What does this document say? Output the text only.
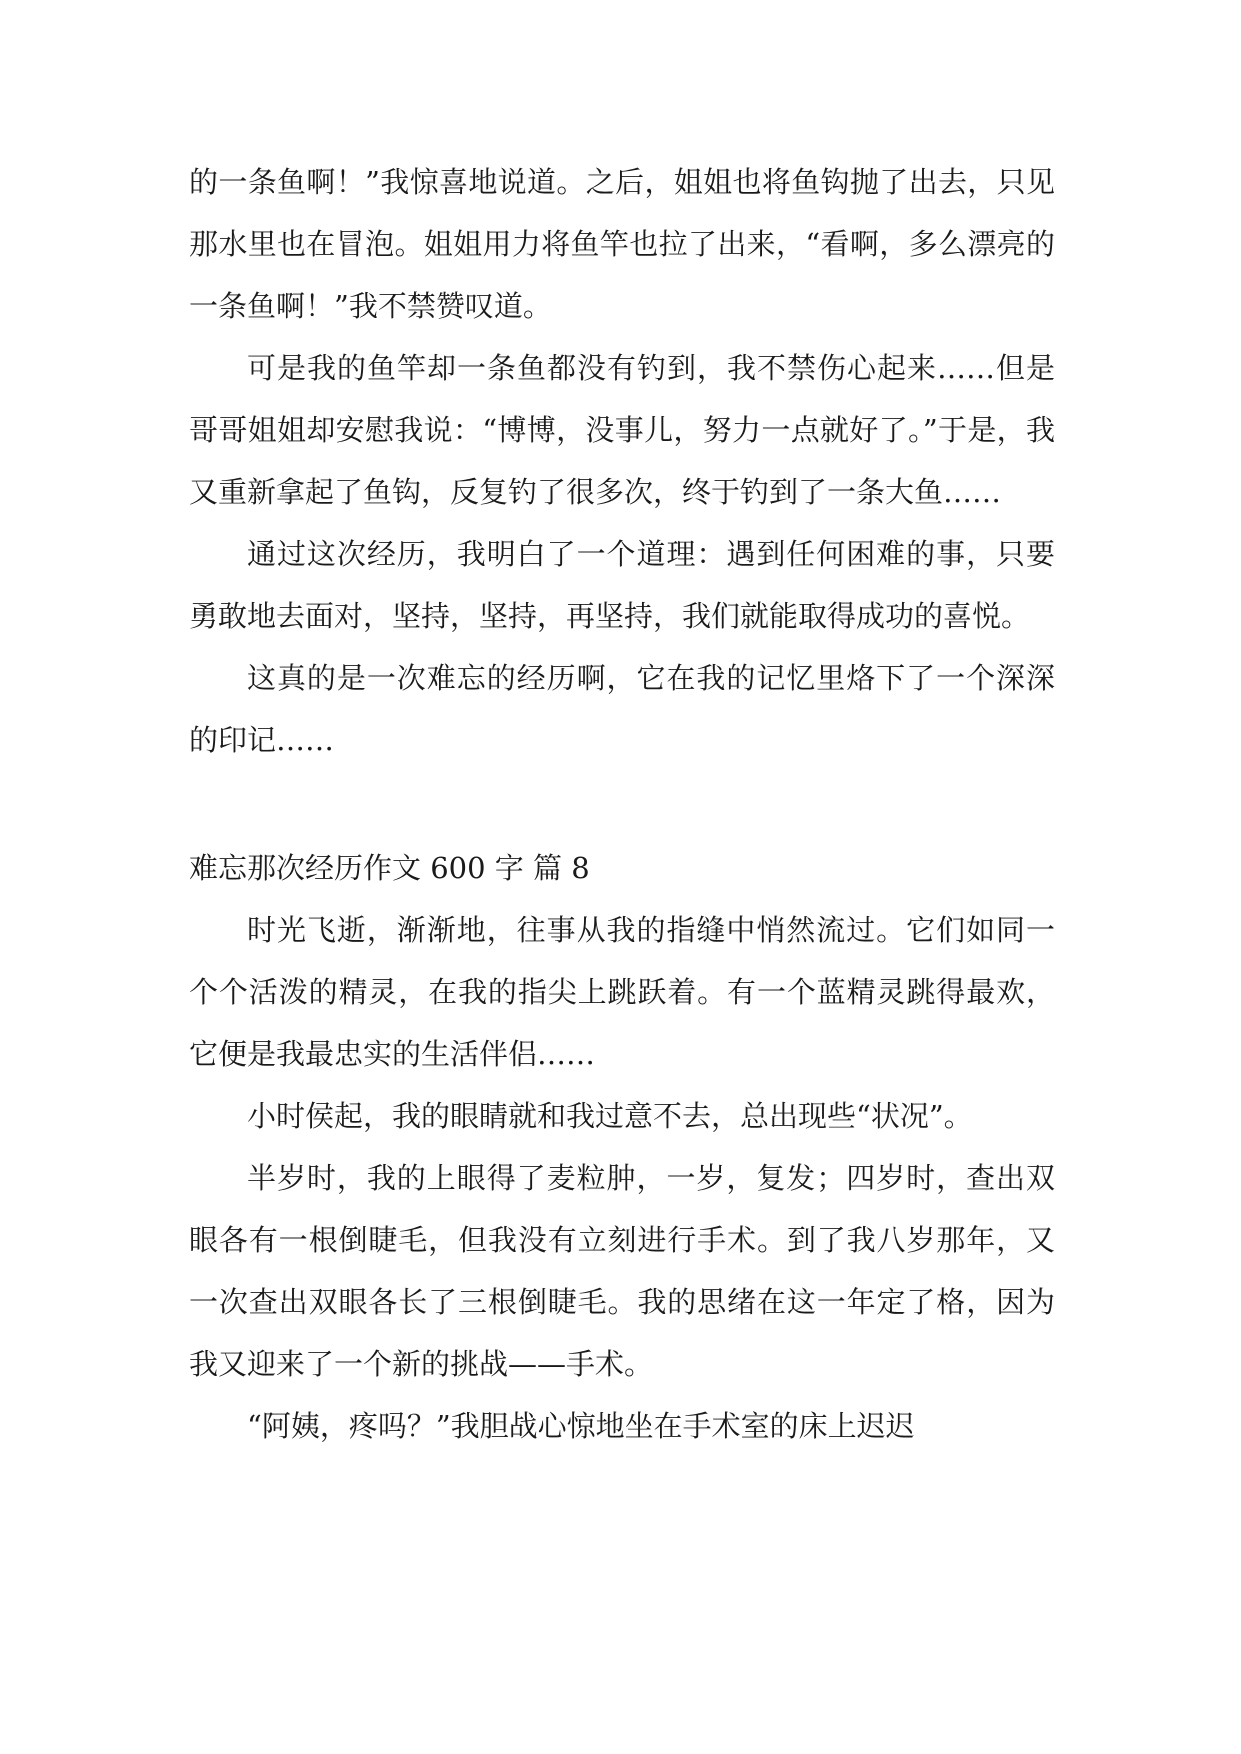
的一条鱼啊！”我惊喜地说道。之后，姐姐也将鱼钩抛了出去，只见那水里也在冒泡。姐姐用力将鱼竿也拉了出来，“看啊，多么漂亮的一条鱼啊！”我不禁赞叹道。

可是我的鱼竿却一条鱼都没有钓到，我不禁伤心起来……但是哥哥姐姐却安慰我说：“博博，没事儿，努力一点就好了。”于是，我又重新拿起了鱼钩，反复钓了很多次，终于钓到了一条大鱼……

通过这次经历，我明白了一个道理：遇到任何困难的事，只要勇敢地去面对，坚持，坚持，再坚持，我们就能取得成功的喜悦。

这真的是一次难忘的经历啊，它在我的记忆里烙下了一个深深的印记……

难忘那次经历作文 600 字 篇 8

时光飞逝，渐渐地，往事从我的指缝中悄然流过。它们如同一个个活泼的精灵，在我的指尖上跳跃着。有一个蓝精灵跳得最欢，它便是我最忠实的生活伴侣……

小时侯起，我的眼睛就和我过意不去，总出现些“状况”。

半岁时，我的上眼得了麦粒肿，一岁，复发；四岁时，查出双眼各有一根倒睫毛，但我没有立刻进行手术。到了我八岁那年，又一次查出双眼各长了三根倒睫毛。我的思绪在这一年定了格，因为我又迎来了一个新的挑战——手术。

“阿姨，疼吗？”我胆战心惊地坐在手术室的床上迟迟
